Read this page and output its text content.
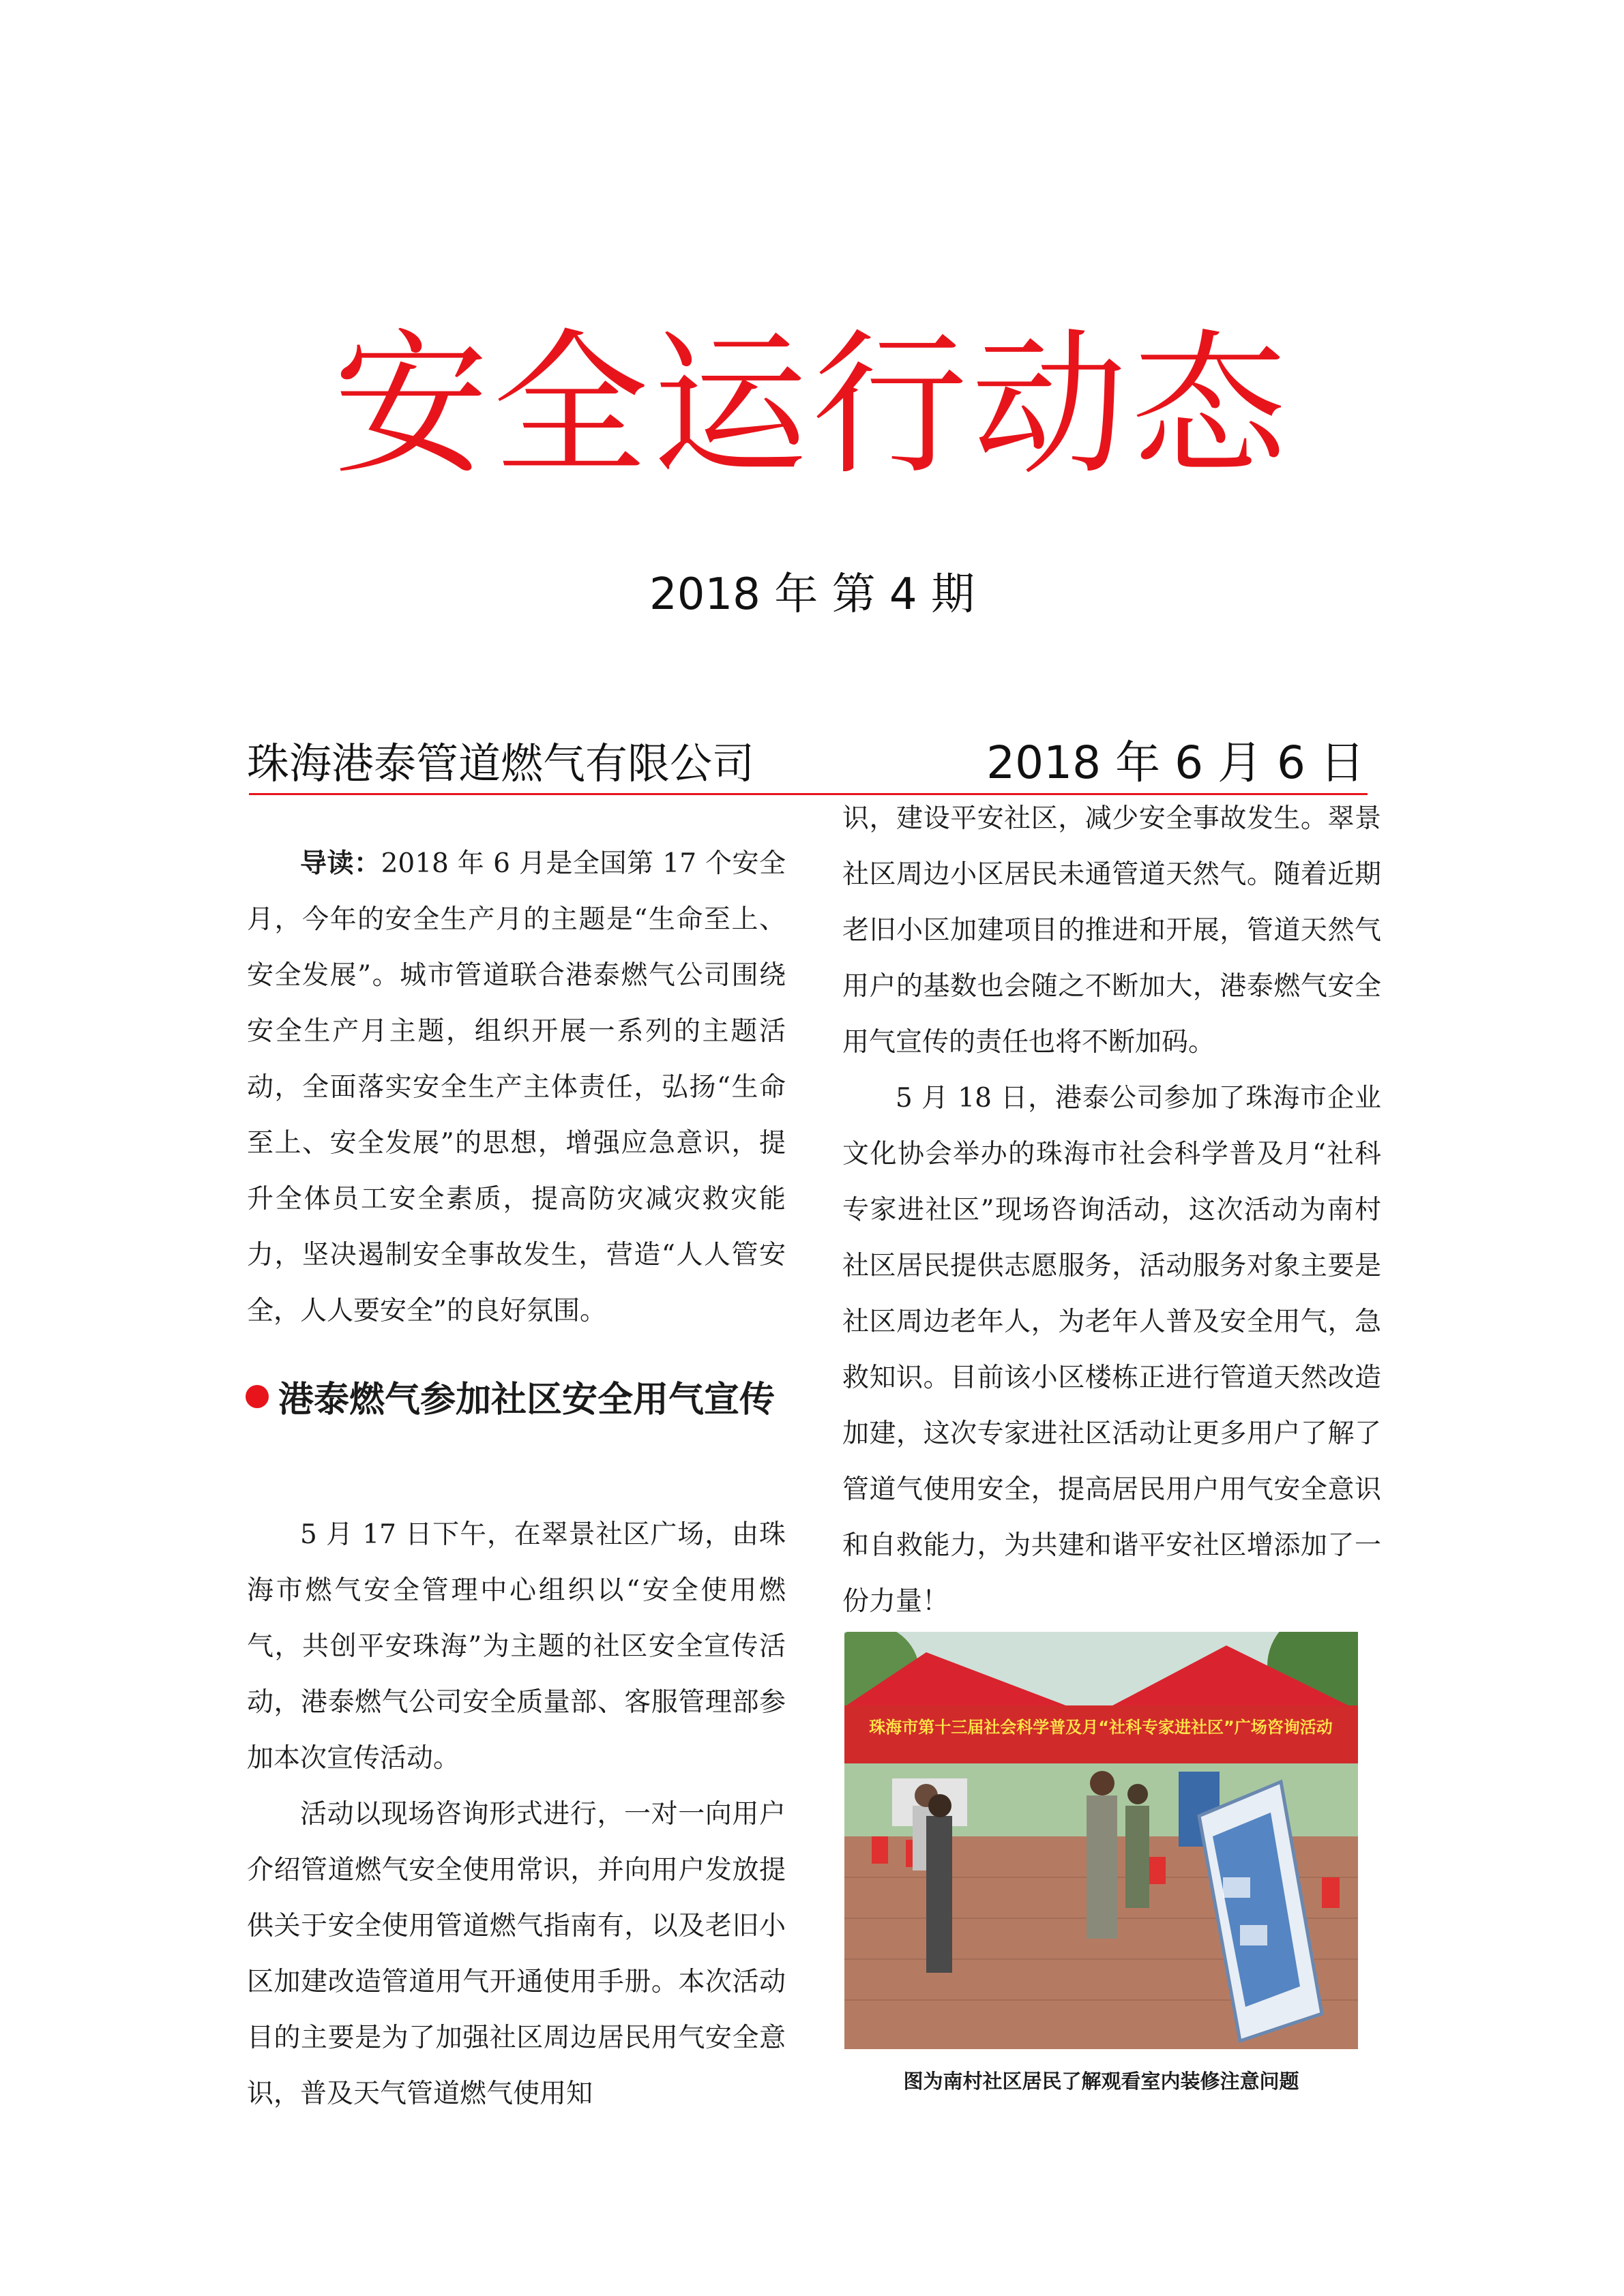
安全运行动态
2018 年 第 4 期
珠海港泰管道燃气有限公司	2018 年 6 月 6 日

导读：2018 年 6 月是全国第 17 个安全月，今年的安全生产月的主题是“生命至上、安全发展”。城市管道联合港泰燃气公司围绕安全生产月主题，组织开展一系列的主题活动，全面落实安全生产主体责任，弘扬“生命至上、安全发展”的思想，增强应急意识，提升全体员工安全素质，提高防灾减灾救灾能力，坚决遏制安全事故发生，营造“人人管安全，人人要安全”的良好氛围。

港泰燃气参加社区安全用气宣传

5 月 17 日下午，在翠景社区广场，由珠海市燃气安全管理中心组织以“安全使用燃气，共创平安珠海”为主题的社区安全宣传活动，港泰燃气公司安全质量部、客服管理部参加本次宣传活动。

活动以现场咨询形式进行，一对一向用户介绍管道燃气安全使用常识，并向用户发放提供关于安全使用管道燃气指南有，以及老旧小区加建改造管道用气开通使用手册。本次活动目的主要是为了加强社区周边居民用气安全意识，普及天气管道燃气使用知

识，建设平安社区，减少安全事故发生。翠景社区周边小区居民未通管道天然气。随着近期老旧小区加建项目的推进和开展，管道天然气用户的基数也会随之不断加大，港泰燃气安全用气宣传的责任也将不断加码。

5 月 18 日，港泰公司参加了珠海市企业文化协会举办的珠海市社会科学普及月“社科专家进社区”现场咨询活动，这次活动为南村社区居民提供志愿服务，活动服务对象主要是社区周边老年人，为老年人普及安全用气，急救知识。目前该小区楼栋正进行管道天然改造加建，这次专家进社区活动让更多用户了解了管道气使用安全，提高居民用户用气安全意识和自救能力，为共建和谐平安社区增添加了一份力量！

珠海市第十三届社会科学普及月“社科专家进社区”广场咨询活动
图为南村社区居民了解观看室内装修注意问题
